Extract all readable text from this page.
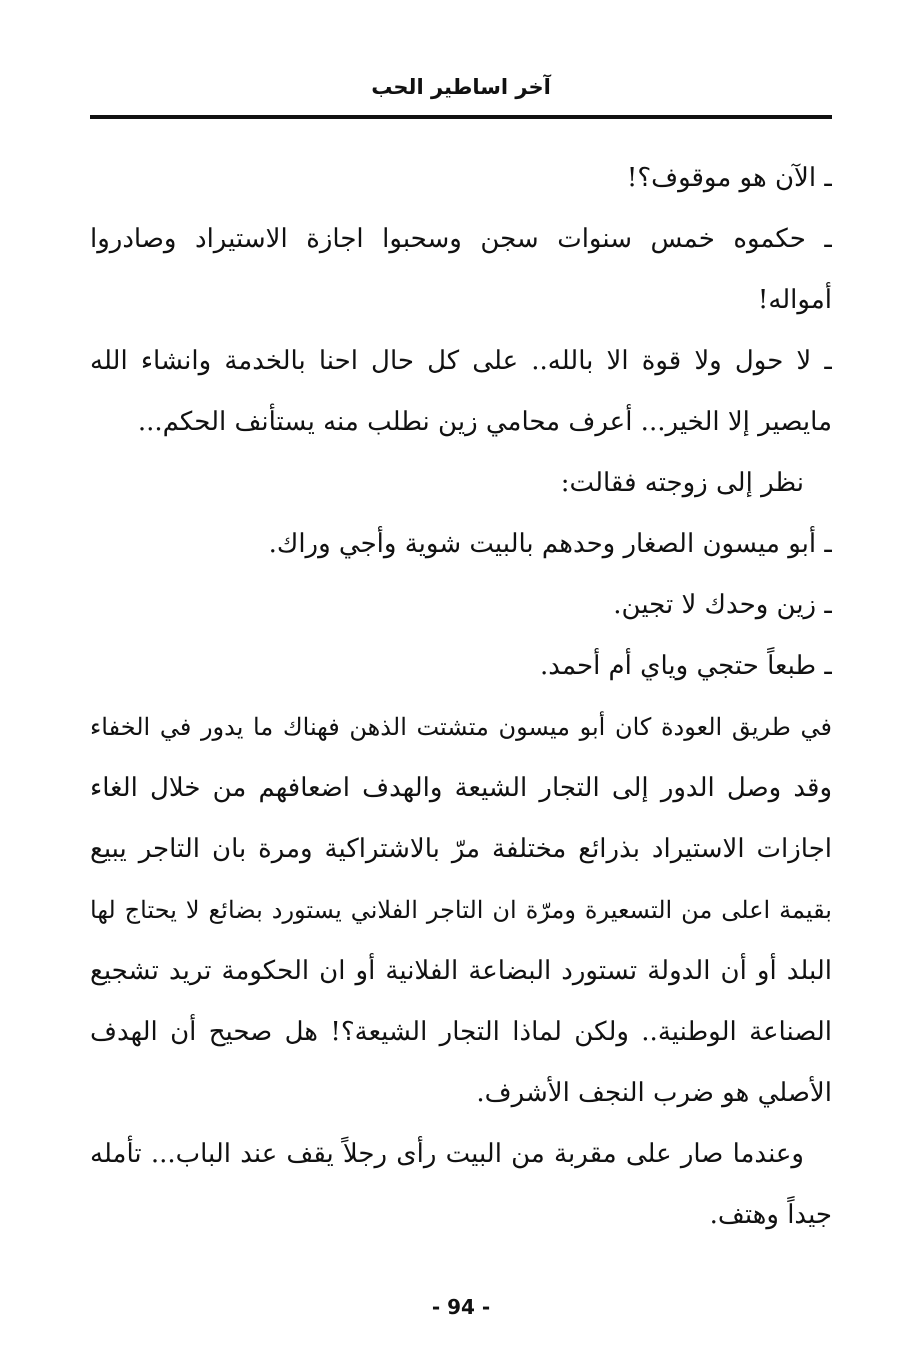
آخر اساطير الحب
ـ الآن هو موقوف؟!
ـ حكموه خمس سنوات سجن وسحبوا اجازة الاستيراد وصادروا
أمواله!
ـ لا حول ولا قوة الا بالله.. على كل حال احنا بالخدمة وانشاء الله
مايصير إلا الخير... أعرف محامي زين نطلب منه يستأنف الحكم...
نظر إلى زوجته فقالت:
ـ أبو ميسون الصغار وحدهم بالبيت شوية وأجي وراك.
ـ زين وحدك لا تجين.
ـ طبعاً حتجي وياي أم أحمد.
في طريق العودة كان أبو ميسون متشتت الذهن فهناك ما يدور في الخفاء
وقد وصل الدور إلى التجار الشيعة والهدف اضعافهم من خلال الغاء
اجازات الاستيراد بذرائع مختلفة مرّ بالاشتراكية ومرة بان التاجر يبيع
بقيمة اعلى من التسعيرة ومرّة ان التاجر الفلاني يستورد بضائع لا يحتاج لها
البلد أو أن الدولة تستورد البضاعة الفلانية أو ان الحكومة تريد تشجيع
الصناعة الوطنية.. ولكن لماذا التجار الشيعة؟! هل صحيح أن الهدف
الأصلي هو ضرب النجف الأشرف.
وعندما صار على مقربة من البيت رأى رجلاً يقف عند الباب... تأمله
جيداً وهتف.
- 94 -
